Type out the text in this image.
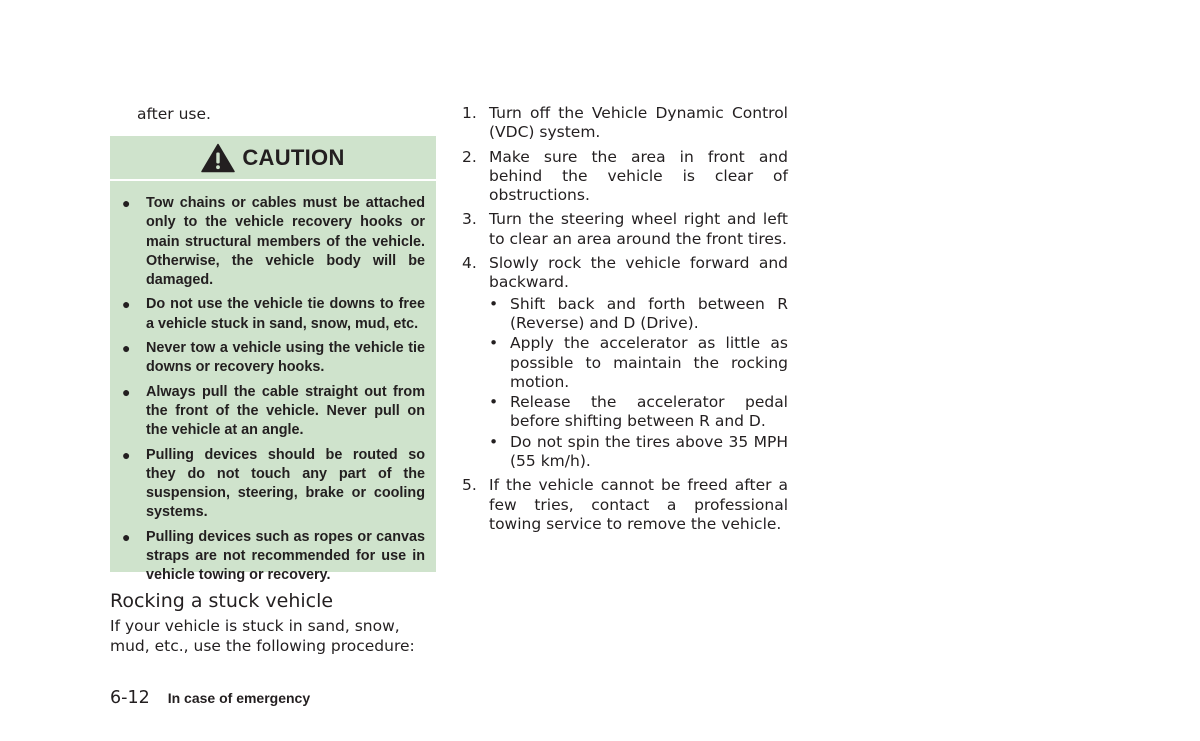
after use.
CAUTION
● Tow chains or cables must be attached only to the vehicle recovery hooks or main structural members of the vehicle. Otherwise, the vehicle body will be damaged.
● Do not use the vehicle tie downs to free a vehicle stuck in sand, snow, mud, etc.
● Never tow a vehicle using the vehicle tie downs or recovery hooks.
● Always pull the cable straight out from the front of the vehicle. Never pull on the vehicle at an angle.
● Pulling devices should be routed so they do not touch any part of the suspension, steering, brake or cooling systems.
● Pulling devices such as ropes or canvas straps are not recommended for use in vehicle towing or recovery.
Rocking a stuck vehicle
If your vehicle is stuck in sand, snow, mud, etc., use the following procedure:
1. Turn off the Vehicle Dynamic Control (VDC) system.
2. Make sure the area in front and behind the vehicle is clear of obstructions.
3. Turn the steering wheel right and left to clear an area around the front tires.
4. Slowly rock the vehicle forward and backward.
• Shift back and forth between R (Reverse) and D (Drive).
• Apply the accelerator as little as possible to maintain the rocking motion.
• Release the accelerator pedal before shifting between R and D.
• Do not spin the tires above 35 MPH (55 km/h).
5. If the vehicle cannot be freed after a few tries, contact a professional towing service to remove the vehicle.
6-12 In case of emergency
